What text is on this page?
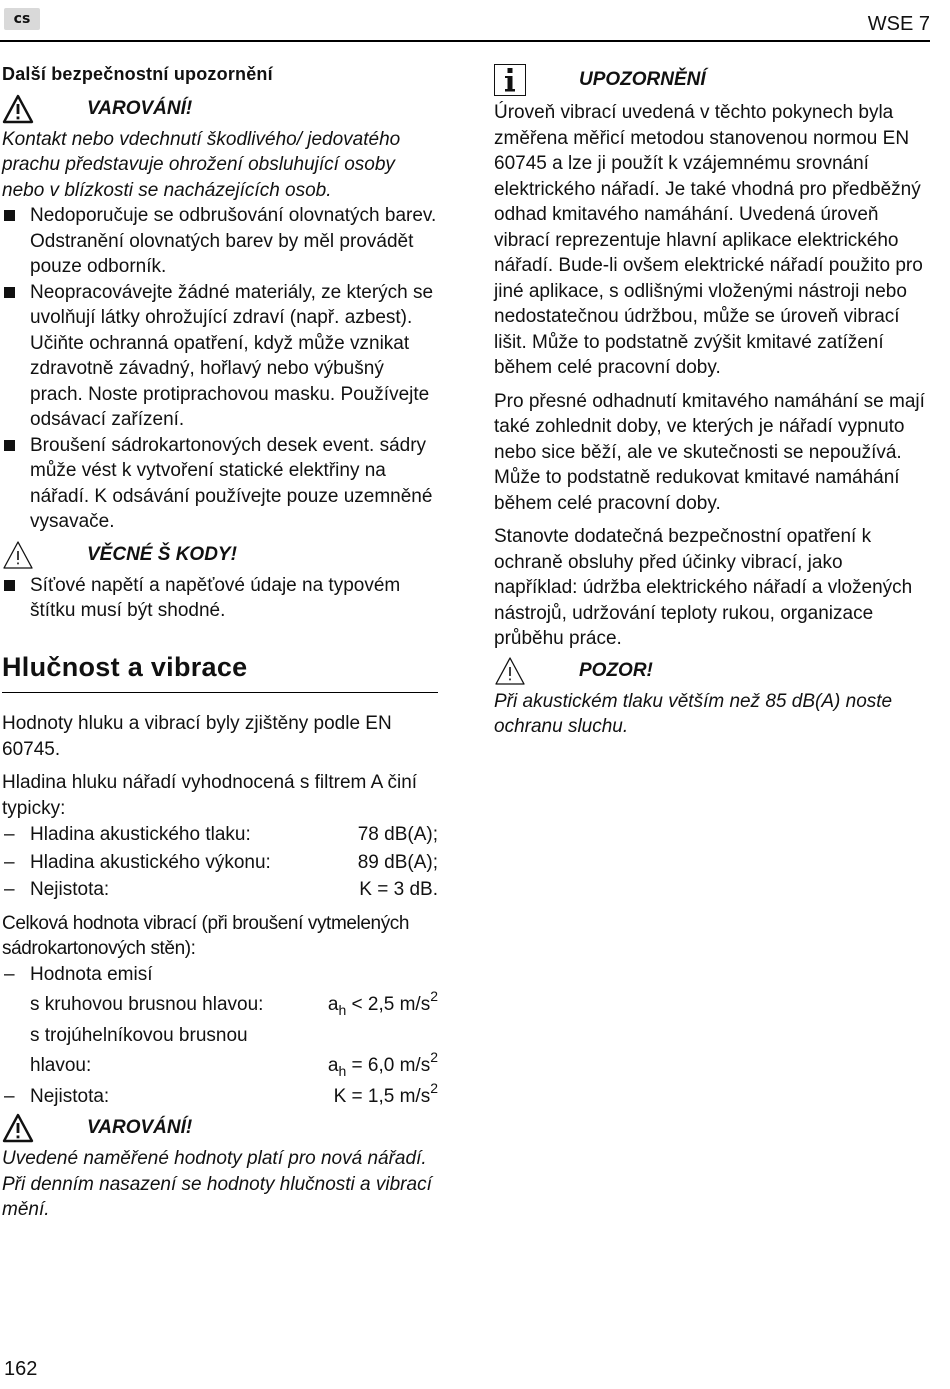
cs	WSE 7

Další bezpečnostní upozornění

VAROVÁNÍ!

Kontakt nebo vdechnutí škodlivého/ jedovatého prachu představuje ohrožení obsluhující osoby nebo v blízkosti se nacházejících osob.

Nedoporučuje se odbrušování olovnatých barev. Odstranění olovnatých barev by měl provádět pouze odborník.
Neopracovávejte žádné materiály, ze kterých se uvolňují látky ohrožující zdraví (např. azbest). Učiňte ochranná opatření, když může vznikat zdravotně závadný, hořlavý nebo výbušný prach. Noste protiprachovou masku. Používejte odsávací zařízení.
Broušení sádrokartonových desek event. sádry může vést k vytvoření statické elektřiny na nářadí. K odsávání používejte pouze uzemněné vysavače.
VĚCNÉ Š KODY!
Síťové napětí a napěťové údaje na typovém štítku musí být shodné.
Hlučnost a vibrace

Hodnoty hluku a vibrací byly zjištěny podle EN 60745.

Hladina hluku nářadí vyhodnocená s filtrem A činí typicky:

– Hladina akustického tlaku:	78 dB(A);
– Hladina akustického výkonu:	89 dB(A);
– Nejistota:	K = 3 dB.

Celková hodnota vibrací (při broušení vytmelených sádrokartonových stěn):

– Hodnota emisí
s kruhovou brusnou hlavou:	$a_h < 2,5$ $m/s^2$
s trojúhelníkovou brusnou
hlavou:	$a_h = 6,0$ $m/s^2$
– Nejistota:	K = 1,5 $m/s^2$
VAROVÁNÍ!

Uvedené naměřené hodnoty platí pro nová nářadí. Při denním nasazení se hodnoty hlučnosti a vibrací mění.

UPOZORNĚNÍ

Úroveň vibrací uvedená v těchto pokynech byla změřena měřicí metodou stanovenou normou EN 60745 a lze ji použít k vzájemnému srovnání elektrického nářadí. Je také vhodná pro předběžný odhad kmitavého namáhání. Uvedená úroveň vibrací reprezentuje hlavní aplikace elektrického nářadí. Bude-li ovšem elektrické nářadí použito pro jiné aplikace, s odlišnými vloženými nástroji nebo nedostatečnou údržbou, může se úroveň vibrací lišit. Může to podstatně zvýšit kmitavé zatížení během celé pracovní doby.

Pro přesné odhadnutí kmitavého namáhání se mají také zohlednit doby, ve kterých je nářadí vypnuto nebo sice běží, ale ve skutečnosti se nepoužívá. Může to podstatně redukovat kmitavé namáhání během celé pracovní doby.

Stanovte dodatečná bezpečnostní opatření k ochraně obsluhy před účinky vibrací, jako například: údržba elektrického nářadí a vložených nástrojů, udržování teploty rukou, organizace průběhu práce.

POZOR!

Při akustickém tlaku větším než 85 dB(A) noste ochranu sluchu.

162
